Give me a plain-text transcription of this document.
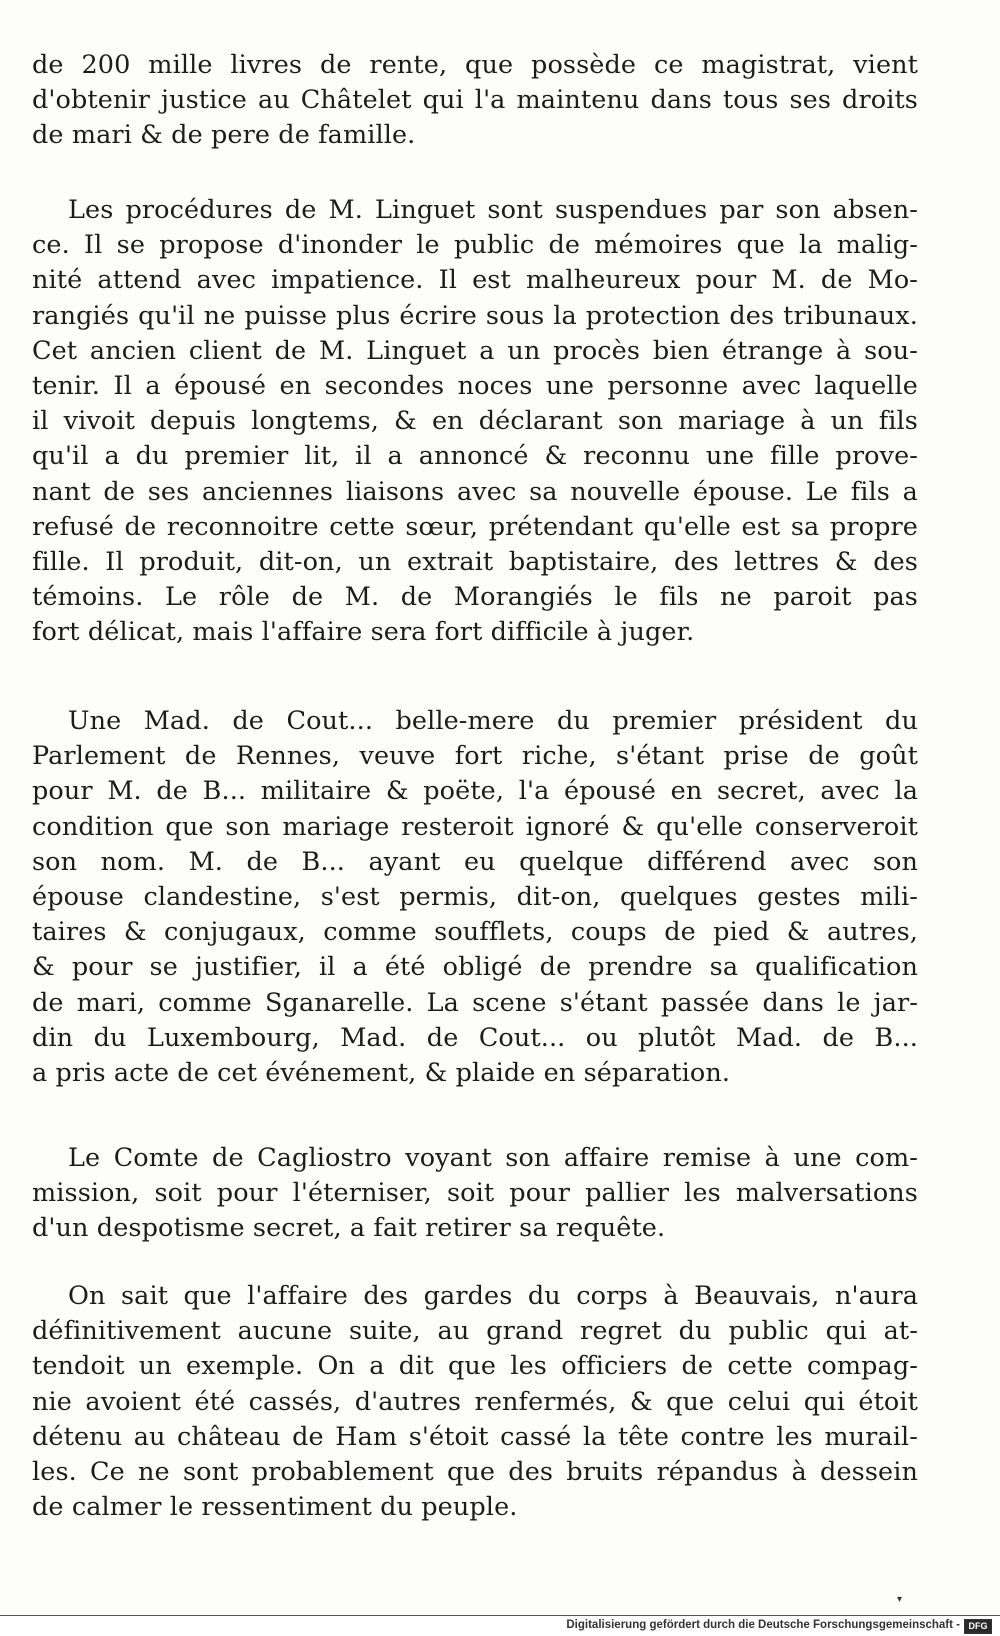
de 200 mille livres de rente, que possède ce magistrat, vient
d'obtenir justice au Châtelet qui l'a maintenu dans tous ses droits
de mari & de pere de famille.
Les procédures de M. Linguet sont suspendues par son absen-
ce. Il se propose d'inonder le public de mémoires que la malig-
nité attend avec impatience. Il est malheureux pour M. de Mo-
rangiés qu'il ne puisse plus écrire sous la protection des tribunaux.
Cet ancien client de M. Linguet a un procès bien étrange à sou-
tenir. Il a épousé en secondes noces une personne avec laquelle
il vivoit depuis longtems, & en déclarant son mariage à un fils
qu'il a du premier lit, il a annoncé & reconnu une fille prove-
nant de ses anciennes liaisons avec sa nouvelle épouse. Le fils a
refusé de reconnoitre cette sœur, prétendant qu'elle est sa propre
fille. Il produit, dit-on, un extrait baptistaire, des lettres & des
témoins. Le rôle de M. de Morangiés le fils ne paroit pas
fort délicat, mais l'affaire sera fort difficile à juger.
Une Mad. de Cout... belle-mere du premier président du
Parlement de Rennes, veuve fort riche, s'étant prise de goût
pour M. de B... militaire & poëte, l'a épousé en secret, avec la
condition que son mariage resteroit ignoré & qu'elle conserveroit
son nom. M. de B... ayant eu quelque différend avec son
épouse clandestine, s'est permis, dit-on, quelques gestes mili-
taires & conjugaux, comme soufflets, coups de pied & autres,
& pour se justifier, il a été obligé de prendre sa qualification
de mari, comme Sganarelle. La scene s'étant passée dans le jar-
din du Luxembourg, Mad. de Cout... ou plutôt Mad. de B...
a pris acte de cet événement, & plaide en séparation.
Le Comte de Cagliostro voyant son affaire remise à une com-
mission, soit pour l'éterniser, soit pour pallier les malversations
d'un despotisme secret, a fait retirer sa requête.
On sait que l'affaire des gardes du corps à Beauvais, n'aura
définitivement aucune suite, au grand regret du public qui at-
tendoit un exemple. On a dit que les officiers de cette compag-
nie avoient été cassés, d'autres renfermés, & que celui qui étoit
détenu au château de Ham s'étoit cassé la tête contre les murail-
les. Ce ne sont probablement que des bruits répandus à dessein
de calmer le ressentiment du peuple.
▾
Digitalisierung gefördert durch die Deutsche Forschungsgemeinschaft - DFG
